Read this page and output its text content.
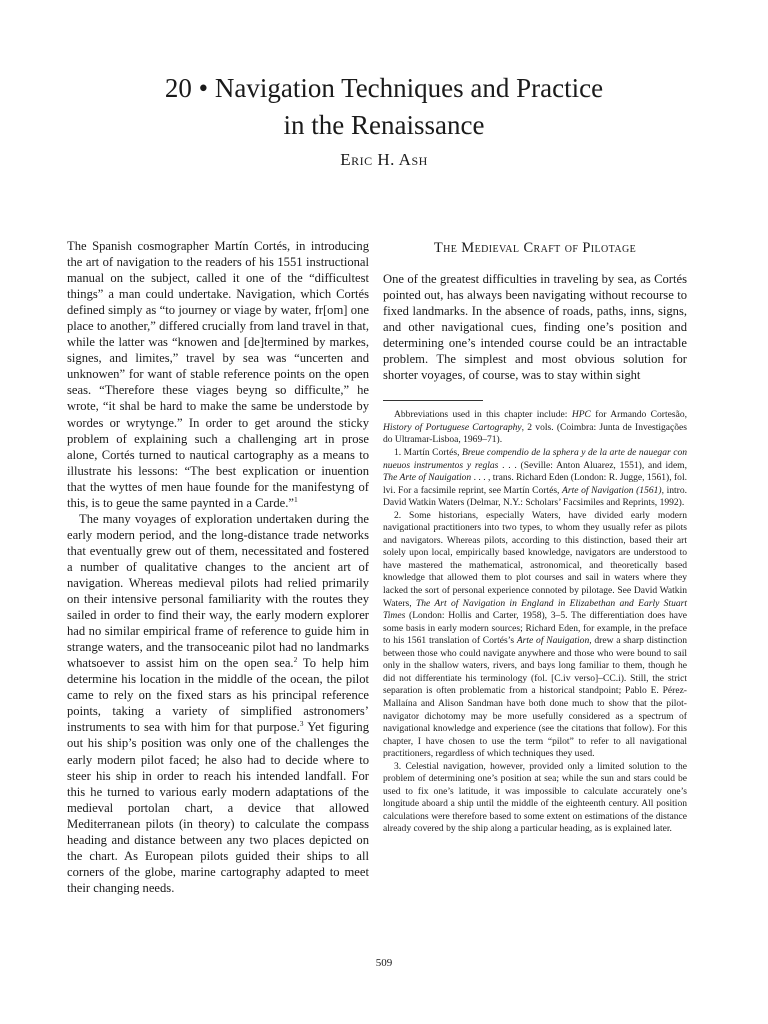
20 • Navigation Techniques and Practice
in the Renaissance
Eric H. Ash

The Spanish cosmographer Martín Cortés, in introducing the art of navigation to the readers of his 1551 instructional manual on the subject, called it one of the “difficultest things” a man could undertake. Navigation, which Cortés defined simply as “to journey or viage by water, fr[om] one place to another,” differed crucially from land travel in that, while the latter was “knowen and [de]termined by markes, signes, and limites,” travel by sea was “uncerten and unknowen” for want of stable reference points on the open seas. “Therefore these viages beyng so difficulte,” he wrote, “it shal be hard to make the same be understode by wordes or wrytynge.” In order to get around the sticky problem of explaining such a challenging art in prose alone, Cortés turned to nautical cartography as a means to illustrate his lessons: “The best explication or inuention that the wyttes of men haue founde for the manifestyng of this, is to geue the same paynted in a Carde.”$^1$

The many voyages of exploration undertaken during the early modern period, and the long-distance trade networks that eventually grew out of them, necessitated and fostered a number of qualitative changes to the ancient art of navigation. Whereas medieval pilots had relied primarily on their intensive personal familiarity with the routes they sailed in order to find their way, the early modern explorer had no similar empirical frame of reference to guide him in strange waters, and the transoceanic pilot had no landmarks whatsoever to assist him on the open sea.$^2$ To help him determine his location in the middle of the ocean, the pilot came to rely on the fixed stars as his principal reference points, taking a variety of simplified astronomers’ instruments to sea with him for that purpose.$^3$ Yet figuring out his ship’s position was only one of the challenges the early modern pilot faced; he also had to decide where to steer his ship in order to reach his intended landfall. For this he turned to various early modern adaptations of the medieval portolan chart, a device that allowed Mediterranean pilots (in theory) to calculate the compass heading and distance between any two places depicted on the chart. As European pilots guided their ships to all corners of the globe, marine cartography adapted to meet their changing needs.

The Medieval Craft of Pilotage

One of the greatest difficulties in traveling by sea, as Cortés pointed out, has always been navigating without recourse to fixed landmarks. In the absence of roads, paths, inns, signs, and other navigational cues, finding one’s position and determining one’s intended course could be an intractable problem. The simplest and most obvious solution for shorter voyages, of course, was to stay within sight

Abbreviations used in this chapter include: HPC for Armando Cortesão, History of Portuguese Cartography, 2 vols. (Coimbra: Junta de Investigações do Ultramar-Lisboa, 1969–71).

1. Martín Cortés, Breue compendio de la sphera y de la arte de nauegar con nueuos instrumentos y reglas . . . (Seville: Anton Aluarez, 1551), and idem, The Arte of Nauigation . . . , trans. Richard Eden (London: R. Jugge, 1561), fol. lvi. For a facsimile reprint, see Martín Cortés, Arte of Navigation (1561), intro. David Watkin Waters (Delmar, N.Y.: Scholars’ Facsimiles and Reprints, 1992).

2. Some historians, especially Waters, have divided early modern navigational practitioners into two types, to whom they usually refer as pilots and navigators. Whereas pilots, according to this distinction, based their art solely upon local, empirically based knowledge, navigators are understood to have mastered the mathematical, astronomical, and theoretically based knowledge that allowed them to plot courses and sail in waters where they lacked the sort of personal experience connoted by pilotage. See David Watkin Waters, The Art of Navigation in England in Elizabethan and Early Stuart Times (London: Hollis and Carter, 1958), 3–5. The differentiation does have some basis in early modern sources; Richard Eden, for example, in the preface to his 1561 translation of Cortés’s Arte of Nauigation, drew a sharp distinction between those who could navigate anywhere and those who were bound to sail only in the shallow waters, rivers, and bays long familiar to them, though he did not differentiate his terminology (fol. [C.iv verso]–CC.i). Still, the strict separation is often problematic from a historical standpoint; Pablo E. Pérez-Mallaína and Alison Sandman have both done much to show that the pilot-navigator dichotomy may be more usefully considered as a spectrum of navigational knowledge and experience (see the citations that follow). For this chapter, I have chosen to use the term “pilot” to refer to all navigational practitioners, regardless of which techniques they used.

3. Celestial navigation, however, provided only a limited solution to the problem of determining one’s position at sea; while the sun and stars could be used to fix one’s latitude, it was impossible to calculate accurately one’s longitude aboard a ship until the middle of the eighteenth century. All position calculations were therefore based to some extent on estimations of the distance already covered by the ship along a particular heading, as is explained later.

509
